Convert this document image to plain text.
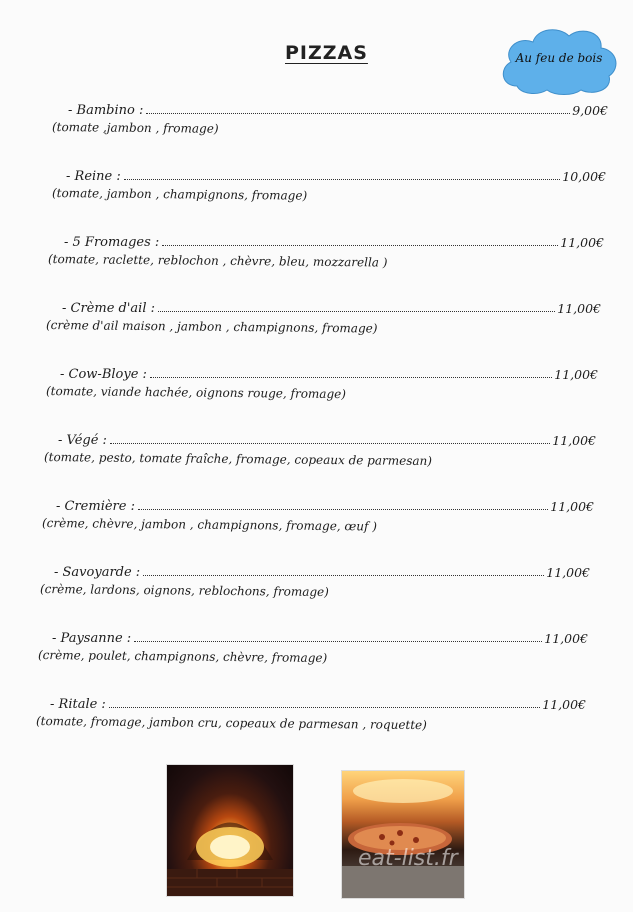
PIZZAS	Au feu de bois
- Bambino :	9,00€
(tomate ,jambon , fromage)
- Reine :	10,00€
(tomate, jambon , champignons, fromage)
- 5 Fromages :	11,00€
(tomate, raclette, reblochon , chèvre, bleu, mozzarella )
- Crème d'ail :	11,00€
(crème d'ail maison , jambon , champignons, fromage)
- Cow-Bloye :	11,00€
(tomate, viande hachée, oignons rouge, fromage)
- Végé :	11,00€
(tomate, pesto, tomate fraîche, fromage, copeaux de parmesan)
- Cremière :	11,00€
(crème, chèvre, jambon , champignons, fromage, œuf )
- Savoyarde :	11,00€
(crème, lardons, oignons, reblochons, fromage)
- Paysanne :	11,00€
(crème, poulet, champignons, chèvre, fromage)
- Ritale :	11,00€
(tomate, fromage, jambon cru, copeaux de parmesan , roquette)
eat-list.fr
